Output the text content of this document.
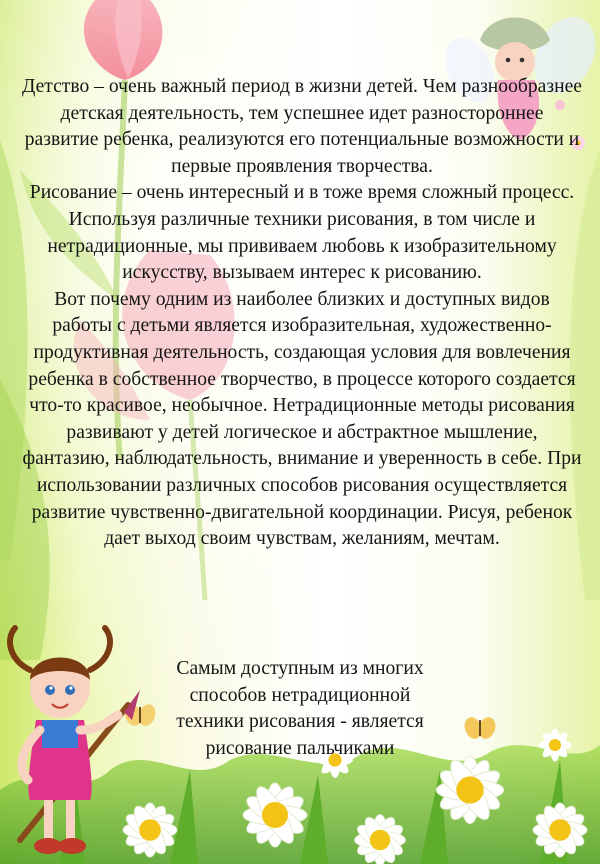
Детство – очень важный период в жизни детей. Чем разнообразнее детская деятельность, тем успешнее идет разностороннее развитие ребенка, реализуются его потенциальные возможности и первые проявления творчества.

Рисование – очень интересный и в тоже время сложный процесс. Используя различные техники рисования, в том числе и нетрадиционные, мы прививаем любовь к изобразительному искусству, вызываем интерес к рисованию.

Вот почему одним из наиболее близких и доступных видов работы с детьми является изобразительная, художественно-продуктивная деятельность, создающая условия для вовлечения ребенка в собственное творчество, в процессе которого создается что-то красивое, необычное. Нетрадиционные методы рисования развивают у детей логическое и абстрактное мышление, фантазию, наблюдательность, внимание и уверенность в себе. При использовании различных способов рисования осуществляется развитие чувственно-двигательной координации. Рисуя, ребенок дает выход своим чувствам, желаниям, мечтам.

Самым доступным из многих

способов нетрадиционной

техники рисования - является

рисование пальчиками
